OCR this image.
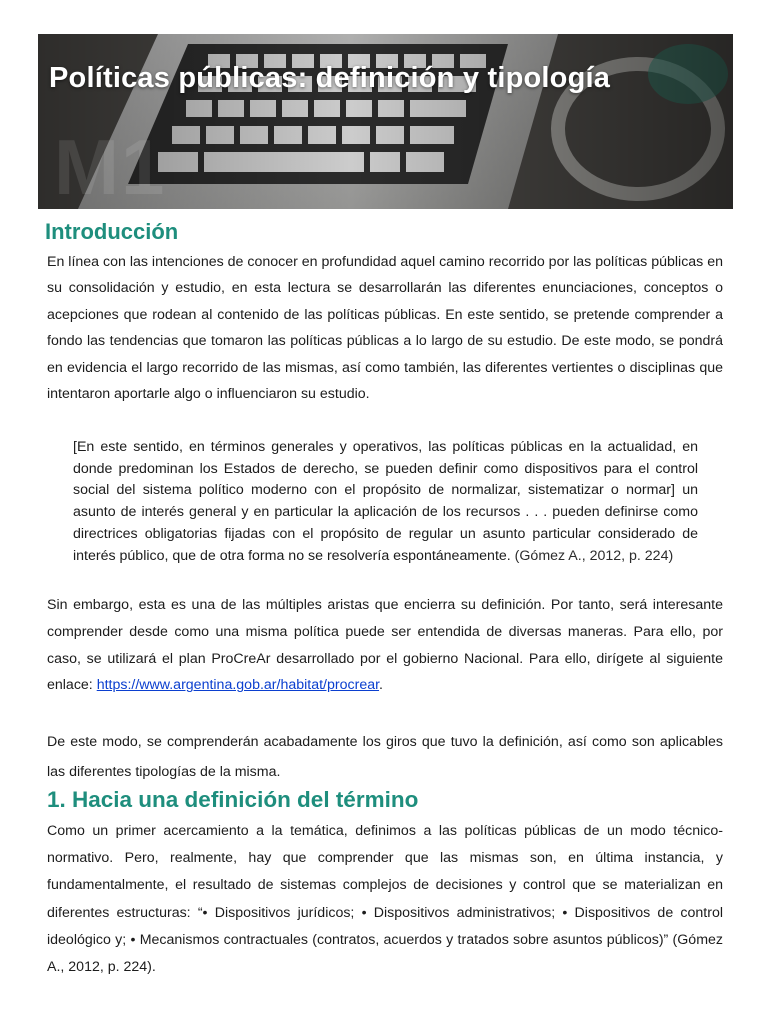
M1
Políticas públicas: definición y tipología
Introducción

En línea con las intenciones de conocer en profundidad aquel camino recorrido por las políticas públicas en su consolidación y estudio, en esta lectura se desarrollarán las diferentes enunciaciones, conceptos o acepciones que rodean al contenido de las políticas públicas. En este sentido, se pretende comprender a fondo las tendencias que tomaron las políticas públicas a lo largo de su estudio. De este modo, se pondrá en evidencia el largo recorrido de las mismas, así como también, las diferentes vertientes o disciplinas que intentaron aportarle algo o influenciaron su estudio.

[En este sentido, en términos generales y operativos, las políticas públicas en la actualidad, en donde predominan los Estados de derecho, se pueden definir como dispositivos para el control social del sistema político moderno con el propósito de normalizar, sistematizar o normar] un asunto de interés general y en particular la aplicación de los recursos . . . pueden definirse como directrices obligatorias fijadas con el propósito de regular un asunto particular considerado de interés público, que de otra forma no se resolvería espontáneamente. (Gómez A., 2012, p. 224)

Sin embargo, esta es una de las múltiples aristas que encierra su definición. Por tanto, será interesante comprender desde como una misma política puede ser entendida de diversas maneras. Para ello, por caso, se utilizará el plan ProCreAr desarrollado por el gobierno Nacional. Para ello, dirígete al siguiente enlace: https://www.argentina.gob.ar/habitat/procrear.

De este modo, se comprenderán acabadamente los giros que tuvo la definición, así como son aplicables las diferentes tipologías de la misma.

1. Hacia una definición del término

Como un primer acercamiento a la temática, definimos a las políticas públicas de un modo técnico-normativo. Pero, realmente, hay que comprender que las mismas son, en última instancia, y fundamentalmente, el resultado de sistemas complejos de decisiones y control que se materializan en diferentes estructuras: “• Dispositivos jurídicos; • Dispositivos administrativos; • Dispositivos de control ideológico y; • Mecanismos contractuales (contratos, acuerdos y tratados sobre asuntos públicos)” (Gómez A., 2012, p. 224).
